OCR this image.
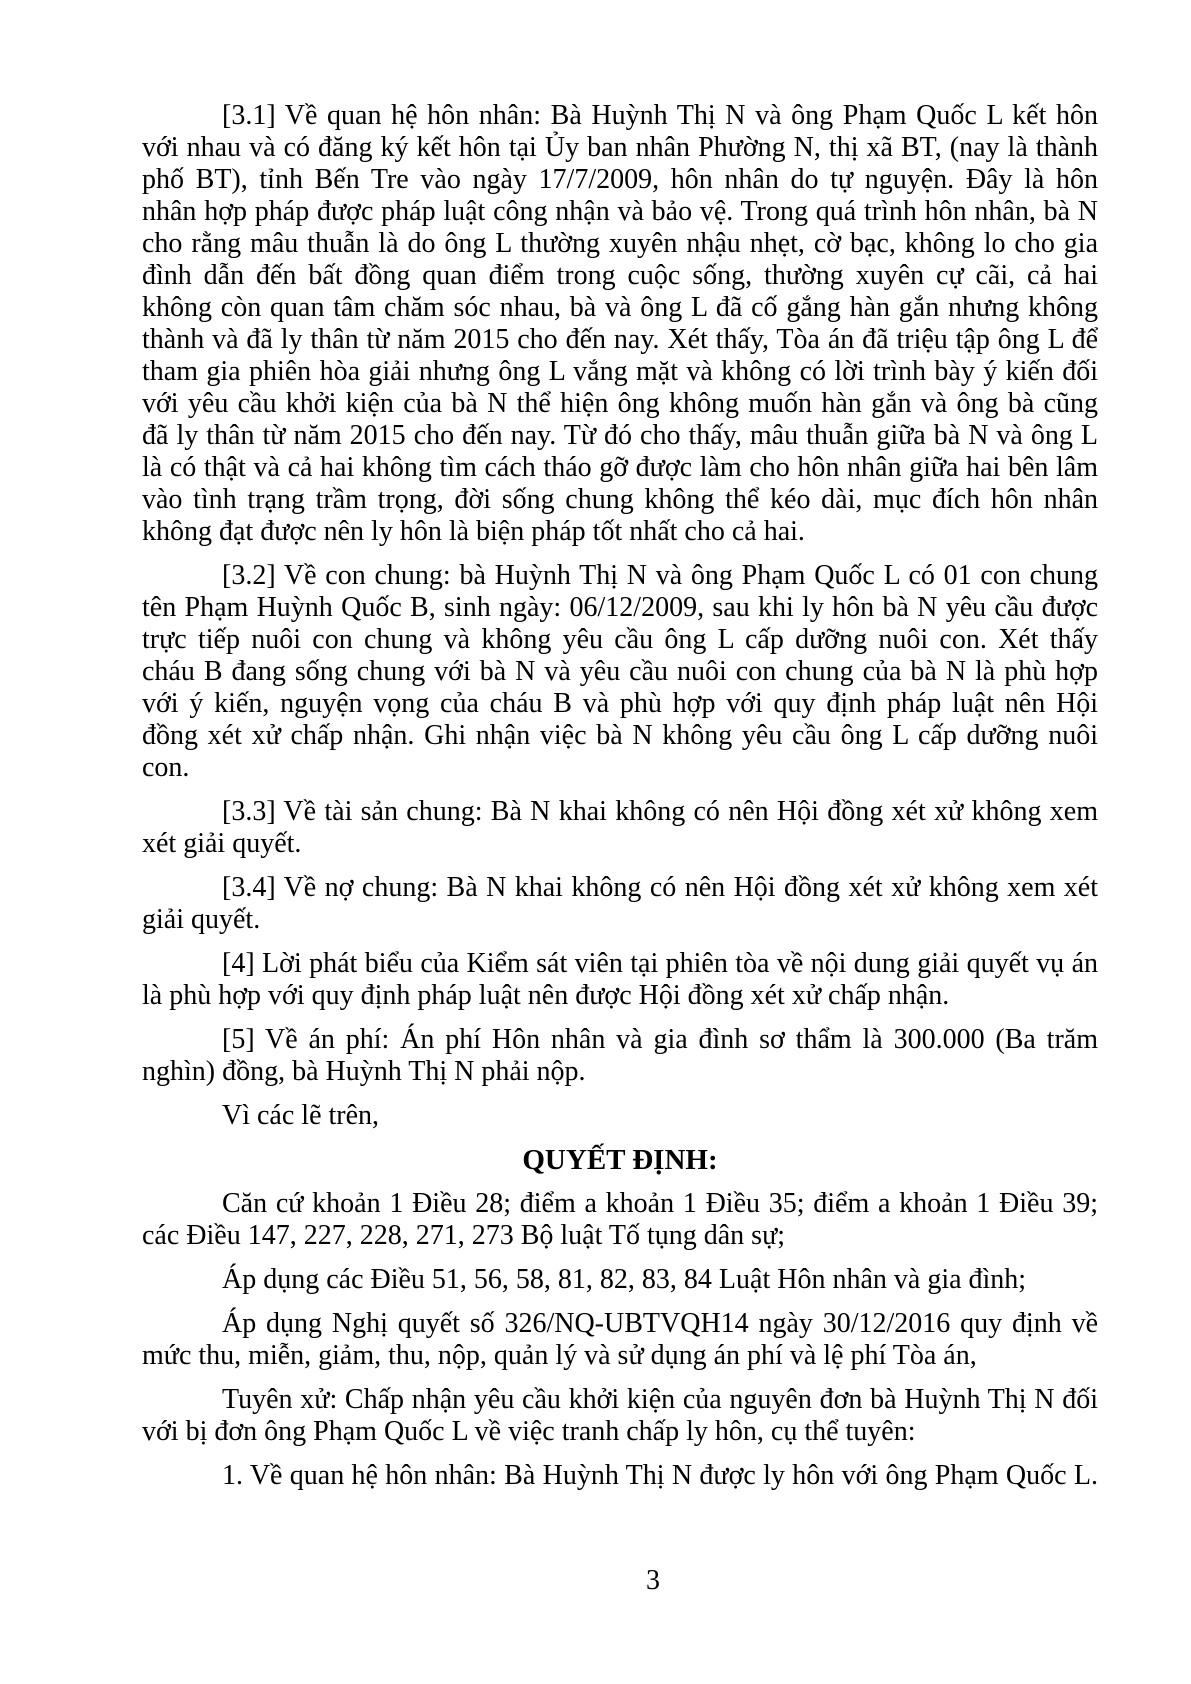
[3.1] Về quan hệ hôn nhân: Bà Huỳnh Thị N và ông Phạm Quốc L kết hôn
với nhau và có đăng ký kết hôn tại Ủy ban nhân Phường N, thị xã BT, (nay là thành
phố BT), tỉnh Bến Tre vào ngày 17/7/2009, hôn nhân do tự nguyện. Đây là hôn
nhân hợp pháp được pháp luật công nhận và bảo vệ. Trong quá trình hôn nhân, bà N
cho rằng mâu thuẫn là do ông L thường xuyên nhậu nhẹt, cờ bạc, không lo cho gia
đình dẫn đến bất đồng quan điểm trong cuộc sống, thường xuyên cự cãi, cả hai
không còn quan tâm chăm sóc nhau, bà và ông L đã cố gắng hàn gắn nhưng không
thành và đã ly thân từ năm 2015 cho đến nay. Xét thấy, Tòa án đã triệu tập ông L để
tham gia phiên hòa giải nhưng ông L vắng mặt và không có lời trình bày ý kiến đối
với yêu cầu khởi kiện của bà N thể hiện ông không muốn hàn gắn và ông bà cũng
đã ly thân từ năm 2015 cho đến nay. Từ đó cho thấy, mâu thuẫn giữa bà N và ông L
là có thật và cả hai không tìm cách tháo gỡ được làm cho hôn nhân giữa hai bên lâm
vào tình trạng trầm trọng, đời sống chung không thể kéo dài, mục đích hôn nhân
không đạt được nên ly hôn là biện pháp tốt nhất cho cả hai.
[3.2] Về con chung: bà Huỳnh Thị N và ông Phạm Quốc L có 01 con chung
tên Phạm Huỳnh Quốc B, sinh ngày: 06/12/2009, sau khi ly hôn bà N yêu cầu được
trực tiếp nuôi con chung và không yêu cầu ông L cấp dưỡng nuôi con. Xét thấy
cháu B đang sống chung với bà N và yêu cầu nuôi con chung của bà N là phù hợp
với ý kiến, nguyện vọng của cháu B và phù hợp với quy định pháp luật nên Hội
đồng xét xử chấp nhận. Ghi nhận việc bà N không yêu cầu ông L cấp dưỡng nuôi
con.
[3.3] Về tài sản chung: Bà N khai không có nên Hội đồng xét xử không xem
xét giải quyết.
[3.4] Về nợ chung: Bà N khai không có nên Hội đồng xét xử không xem xét
giải quyết.
[4] Lời phát biểu của Kiểm sát viên tại phiên tòa về nội dung giải quyết vụ án
là phù hợp với quy định pháp luật nên được Hội đồng xét xử chấp nhận.
[5] Về án phí: Án phí Hôn nhân và gia đình sơ thẩm là 300.000 (Ba trăm
nghìn) đồng, bà Huỳnh Thị N phải nộp.
Vì các lẽ trên,
QUYẾT ĐỊNH:
Căn cứ khoản 1 Điều 28; điểm a khoản 1 Điều 35; điểm a khoản 1 Điều 39;
các Điều 147, 227, 228, 271, 273 Bộ luật Tố tụng dân sự;
Áp dụng các Điều 51, 56, 58, 81, 82, 83, 84 Luật Hôn nhân và gia đình;
Áp dụng Nghị quyết số 326/NQ-UBTVQH14 ngày 30/12/2016 quy định về
mức thu, miễn, giảm, thu, nộp, quản lý và sử dụng án phí và lệ phí Tòa án,
Tuyên xử: Chấp nhận yêu cầu khởi kiện của nguyên đơn bà Huỳnh Thị N đối
với bị đơn ông Phạm Quốc L về việc tranh chấp ly hôn, cụ thể tuyên:
1. Về quan hệ hôn nhân: Bà Huỳnh Thị N được ly hôn với ông Phạm Quốc L.
3
